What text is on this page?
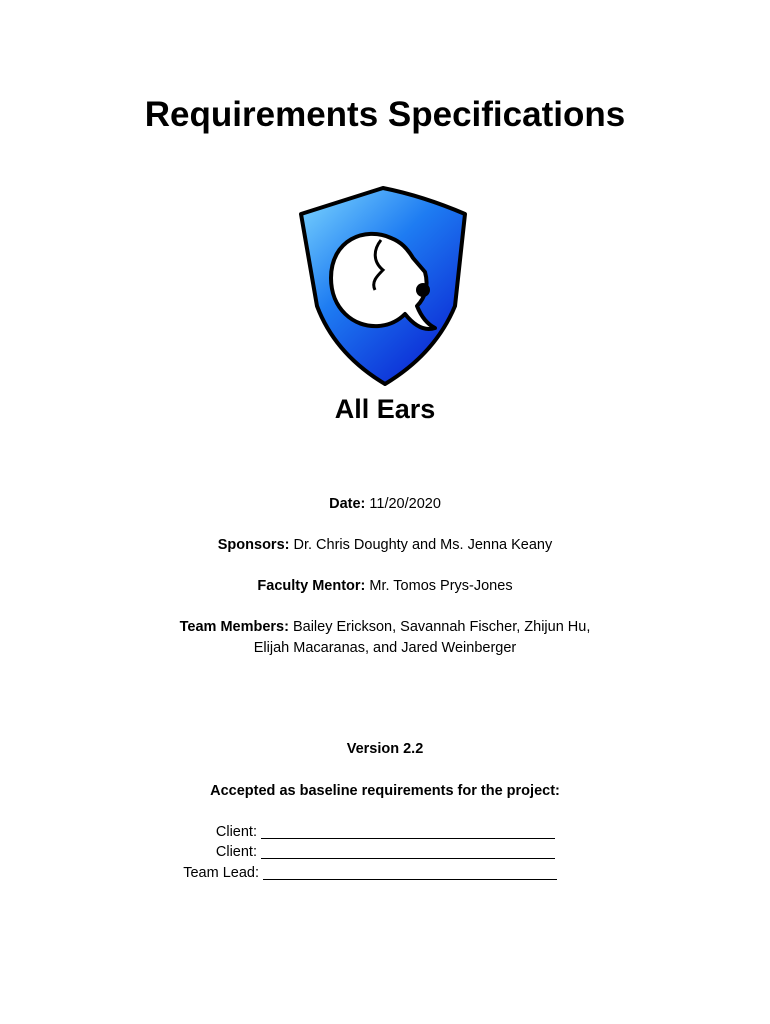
Requirements Specifications
All Ears
Date: 11/20/2020
Sponsors: Dr. Chris Doughty and Ms. Jenna Keany
Faculty Mentor: Mr. Tomos Prys-Jones
Team Members: Bailey Erickson, Savannah Fischer, Zhijun Hu,
Elijah Macaranas, and Jared Weinberger
Version 2.2
Accepted as baseline requirements for the project:
Client:
Client:
Team Lead:
